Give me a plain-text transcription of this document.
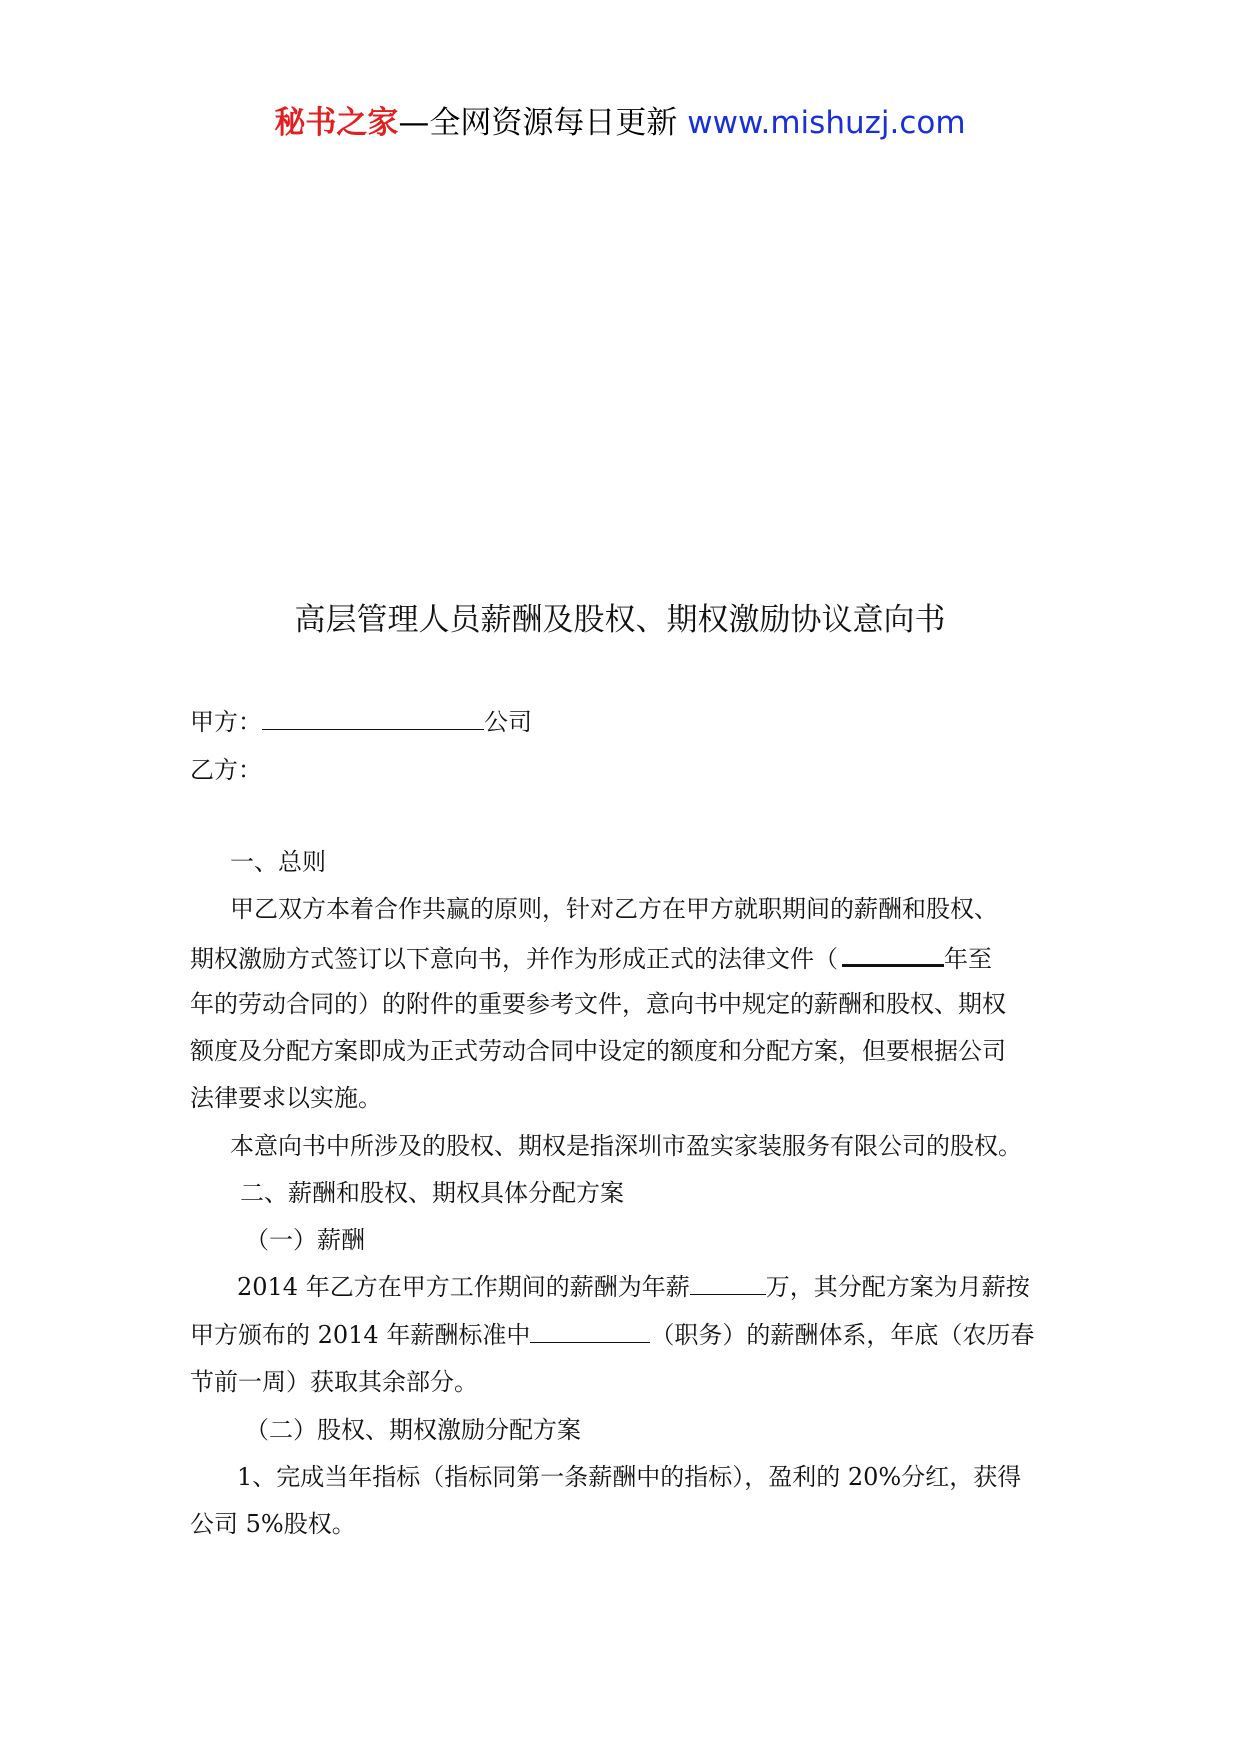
秘书之家—全网资源每日更新 www.mishuzj.com
高层管理人员薪酬及股权、期权激励协议意向书
甲方：	公司
乙方：
一、总则
甲乙双方本着合作共赢的原则，针对乙方在甲方就职期间的薪酬和股权、
期权激励方式签订以下意向书，并作为形成正式的法律文件（	年至
年的劳动合同的）的附件的重要参考文件，意向书中规定的薪酬和股权、期权
额度及分配方案即成为正式劳动合同中设定的额度和分配方案，但要根据公司
法律要求以实施。
本意向书中所涉及的股权、期权是指深圳市盈实家装服务有限公司的股权。
二、薪酬和股权、期权具体分配方案
（一）薪酬
2014 年乙方在甲方工作期间的薪酬为年薪	万，其分配方案为月薪按
甲方颁布的 2014 年薪酬标准中	（职务）的薪酬体系，年底（农历春
节前一周）获取其余部分。
（二）股权、期权激励分配方案
1、完成当年指标（指标同第一条薪酬中的指标），盈利的 20%分红，获得
公司 5%股权。
